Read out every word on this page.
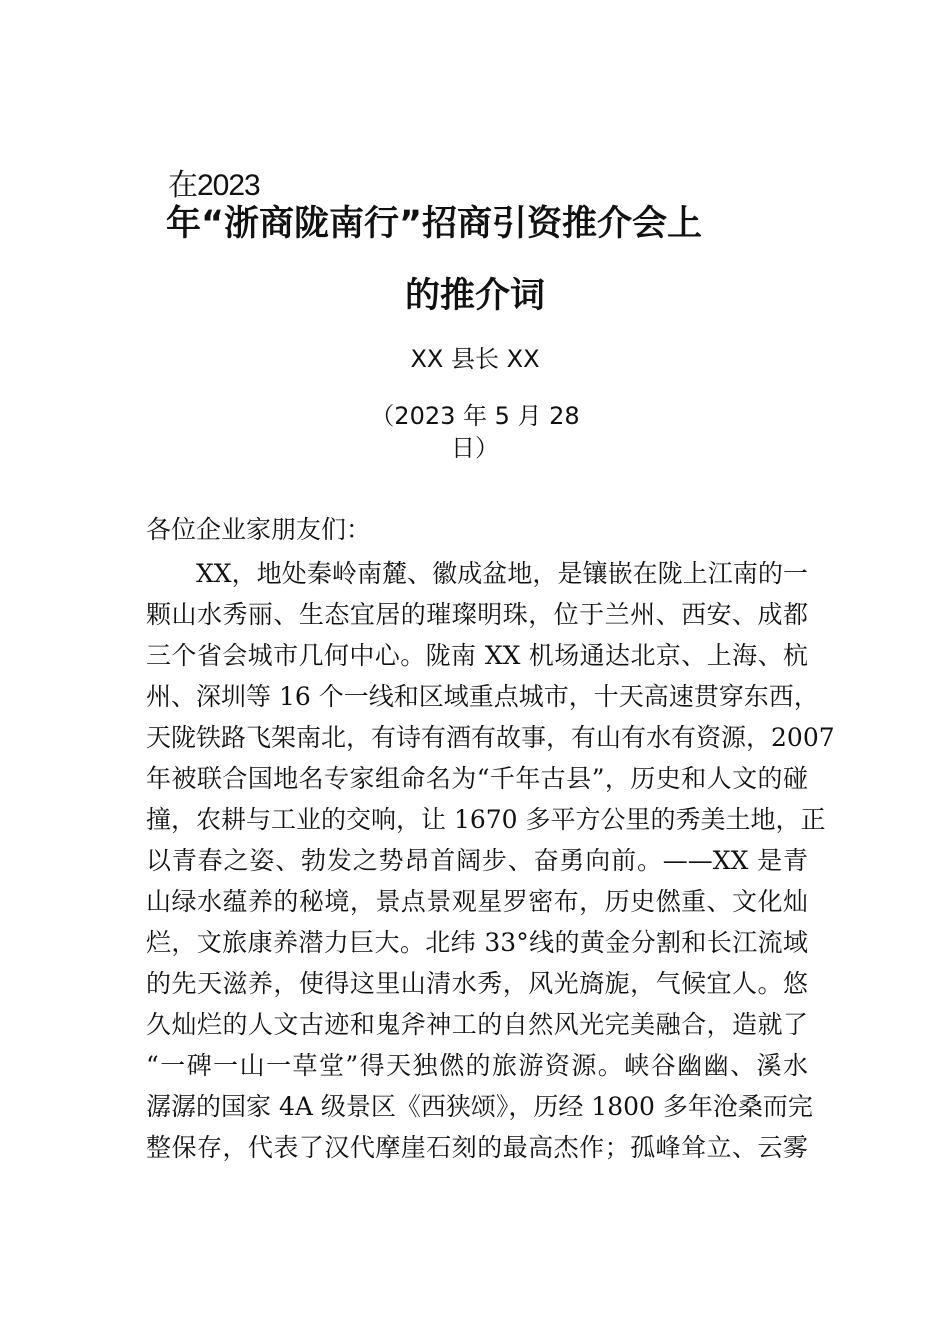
在2023
年“浙商陇南行”招商引资推介会上
的推介词
XX 县长 XX
（2023 年 5 月 28
日）
各位企业家朋友们：
XX，地处秦岭南麓、徽成盆地，是镶嵌在陇上江南的一
颗山水秀丽、生态宜居的璀璨明珠，位于兰州、西安、成都
三个省会城市几何中心。陇南 XX 机场通达北京、上海、杭
州、深圳等 16 个一线和区域重点城市，十天高速贯穿东西，
天陇铁路飞架南北，有诗有酒有故事，有山有水有资源，2007
年被联合国地名专家组命名为“千年古县”，历史和人文的碰
撞，农耕与工业的交响，让 1670 多平方公里的秀美土地，正
以青春之姿、勃发之势昂首阔步、奋勇向前。——XX 是青
山绿水蕴养的秘境，景点景观星罗密布，历史㒄重、文化灿
烂，文旅康养潜力巨大。北纬 33°线的黄金分割和长江流域
的先天滋养，使得这里山清水秀，风光旖旎，气候宜人。悠
久灿烂的人文古迹和鬼斧神工的自然风光完美融合，造就了
“一碑一山一草堂”得天独㒄的旅游资源。峡谷幽幽、溪水
潺潺的国家 4A 级景区《西狭颂》，历经 1800 多年沧桑而完
整保存，代表了汉代摩崖石刻的最高杰作；孤峰耸立、云雾
